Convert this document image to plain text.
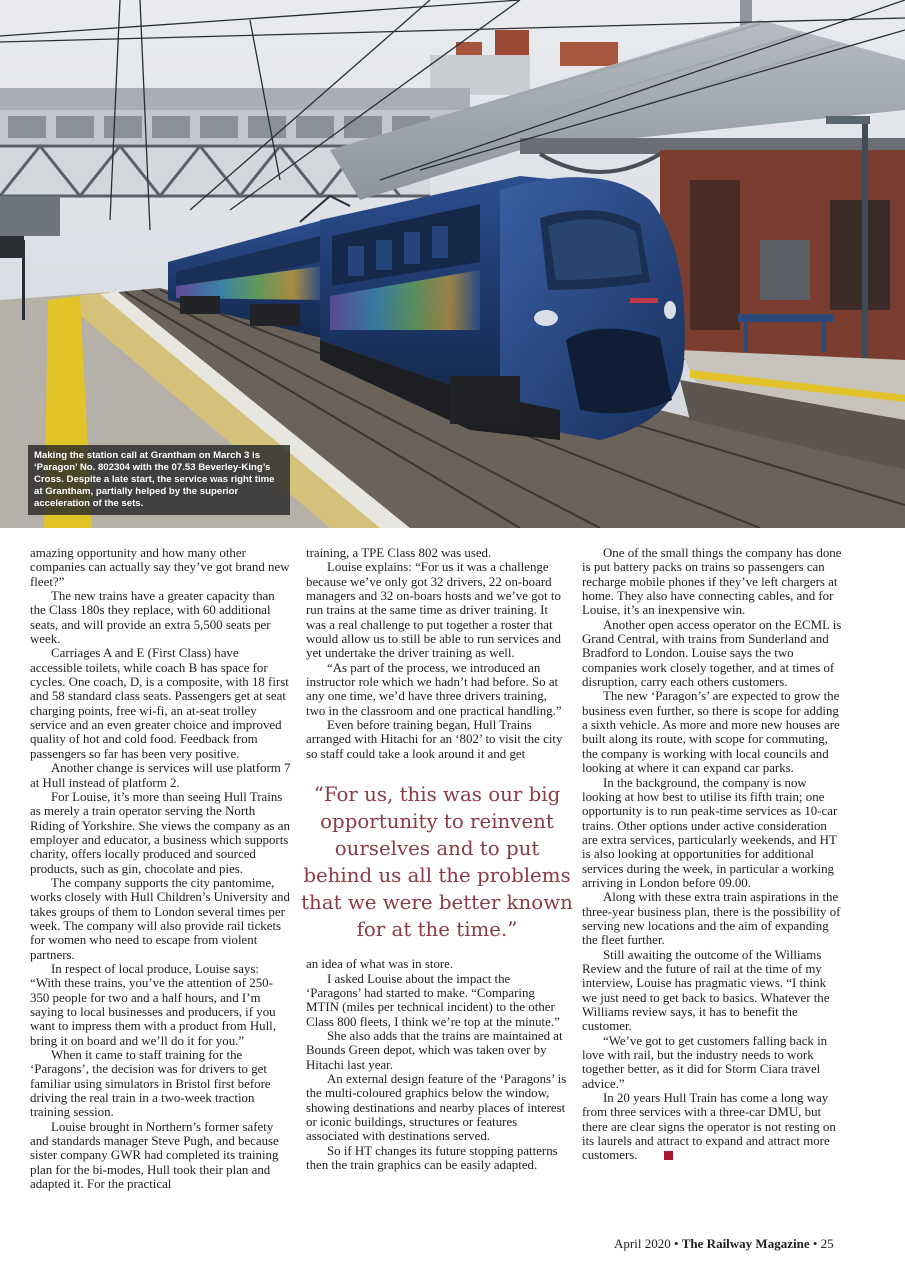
Making the station call at Grantham on March 3 is ‘Paragon’ No. 802304 with the 07.53 Beverley-King’s Cross. Despite a late start, the service was right time at Grantham, partially helped by the superior acceleration of the sets.

amazing opportunity and how many other companies can actually say they’ve got brand new fleet?”

The new trains have a greater capacity than the Class 180s they replace, with 60 additional seats, and will provide an extra 5,500 seats per week.

Carriages A and E (First Class) have accessible toilets, while coach B has space for cycles. One coach, D, is a composite, with 18 first and 58 standard class seats. Passengers get at seat charging points, free wi-fi, an at-seat trolley service and an even greater choice and improved quality of hot and cold food. Feedback from passengers so far has been very positive.

Another change is services will use platform 7 at Hull instead of platform 2.

For Louise, it’s more than seeing Hull Trains as merely a train operator serving the North Riding of Yorkshire. She views the company as an employer and educator, a business which supports charity, offers locally produced and sourced products, such as gin, chocolate and pies.

The company supports the city pantomime, works closely with Hull Children’s University and takes groups of them to London several times per week. The company will also provide rail tickets for women who need to escape from violent partners.

In respect of local produce, Louise says: “With these trains, you’ve the attention of 250-350 people for two and a half hours, and I’m saying to local businesses and producers, if you want to impress them with a product from Hull, bring it on board and we’ll do it for you.”

When it came to staff training for the ‘Paragons’, the decision was for drivers to get familiar using simulators in Bristol first before driving the real train in a two-week traction training session.

Louise brought in Northern’s former safety and standards manager Steve Pugh, and because sister company GWR had completed its training plan for the bi-modes, Hull took their plan and adapted it. For the practical

training, a TPE Class 802 was used.

Louise explains: “For us it was a challenge because we’ve only got 32 drivers, 22 on-board managers and 32 on-boars hosts and we’ve got to run trains at the same time as driver training. It was a real challenge to put together a roster that would allow us to still be able to run services and yet undertake the driver training as well.

“As part of the process, we introduced an instructor role which we hadn’t had before. So at any one time, we’d have three drivers training, two in the classroom and one practical handling.”

Even before training began, Hull Trains arranged with Hitachi for an ‘802’ to visit the city so staff could take a look around it and get

“For us, this was our big opportunity to reinvent ourselves and to put behind us all the problems that we were better known for at the time.”

an idea of what was in store.

I asked Louise about the impact the ‘Paragons’ had started to make. “Comparing MTIN (miles per technical incident) to the other Class 800 fleets, I think we’re top at the minute.”

She also adds that the trains are maintained at Bounds Green depot, which was taken over by Hitachi last year.

An external design feature of the ‘Paragons’ is the multi-coloured graphics below the window, showing destinations and nearby places of interest or iconic buildings, structures or features associated with destinations served.

So if HT changes its future stopping patterns then the train graphics can be easily adapted.

One of the small things the company has done is put battery packs on trains so passengers can recharge mobile phones if they’ve left chargers at home. They also have connecting cables, and for Louise, it’s an inexpensive win.

Another open access operator on the ECML is Grand Central, with trains from Sunderland and Bradford to London. Louise says the two companies work closely together, and at times of disruption, carry each others customers.

The new ‘Paragon’s’ are expected to grow the business even further, so there is scope for adding a sixth vehicle. As more and more new houses are built along its route, with scope for commuting, the company is working with local councils and looking at where it can expand car parks.

In the background, the company is now looking at how best to utilise its fifth train; one opportunity is to run peak-time services as 10-car trains. Other options under active consideration are extra services, particularly weekends, and HT is also looking at opportunities for additional services during the week, in particular a working arriving in London before 09.00.

Along with these extra train aspirations in the three-year business plan, there is the possibility of serving new locations and the aim of expanding the fleet further.

Still awaiting the outcome of the Williams Review and the future of rail at the time of my interview, Louise has pragmatic views. “I think we just need to get back to basics. Whatever the Williams review says, it has to benefit the customer.

“We’ve got to get customers falling back in love with rail, but the industry needs to work together better, as it did for Storm Ciara travel advice.”

In 20 years Hull Train has come a long way from three services with a three-car DMU, but there are clear signs the operator is not resting on its laurels and attract to expand and attract more customers.

April 2020 • The Railway Magazine • 25
